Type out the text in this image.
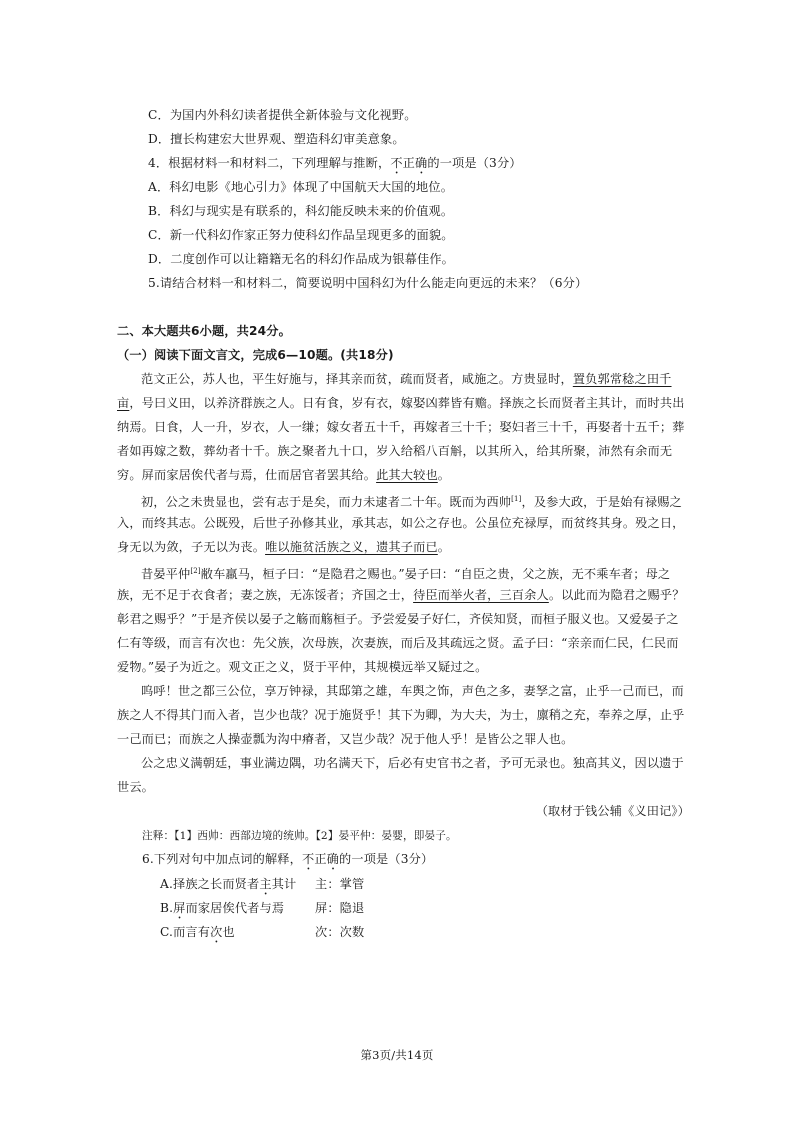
C．为国内外科幻读者提供全新体验与文化视野。
D．擅长构建宏大世界观、塑造科幻审美意象。
4．根据材料一和材料二，下列理解与推断，不正确的一项是（3分）
A．科幻电影《地心引力》体现了中国航天大国的地位。
B．科幻与现实是有联系的，科幻能反映未来的价值观。
C．新一代科幻作家正努力使科幻作品呈现更多的面貌。
D．二度创作可以让籍籍无名的科幻作品成为银幕佳作。
5.请结合材料一和材料二，简要说明中国科幻为什么能走向更远的未来？（6分）
二、本大题共6小题，共24分。
（一）阅读下面文言文，完成6—10题。(共18分)
范文正公，苏人也，平生好施与，择其亲而贫，疏而贤者，咸施之。方贵显时，置负郭常稔之田千
亩，号曰义田，以养济群族之人。日有食，岁有衣，嫁娶凶葬皆有赡。择族之长而贤者主其计，而时共出
纳焉。日食，人一升，岁衣，人一缣；嫁女者五十千，再嫁者三十千；娶妇者三十千，再娶者十五千；葬
者如再嫁之数，葬幼者十千。族之聚者九十口，岁入给稻八百斛，以其所入，给其所聚，沛然有余而无
穷。屏而家居俟代者与焉，仕而居官者罢其给。此其大较也。
初，公之未贵显也，尝有志于是矣，而力未逮者二十年。既而为西帅[1]，及参大政，于是始有禄赐之
入，而终其志。公既殁，后世子孙修其业，承其志，如公之存也。公虽位充禄厚，而贫终其身。殁之日，
身无以为敛，子无以为丧。唯以施贫活族之义，遗其子而已。
昔晏平仲[2]敝车羸马，桓子曰：“是隐君之赐也。”晏子曰：“自臣之贵，父之族，无不乘车者；母之
族，无不足于衣食者；妻之族，无冻馁者；齐国之士，待臣而举火者，三百余人。以此而为隐君之赐乎？
彰君之赐乎？”于是齐侯以晏子之觞而觞桓子。予尝爱晏子好仁，齐侯知贤，而桓子服义也。又爱晏子之
仁有等级，而言有次也：先父族，次母族，次妻族，而后及其疏远之贤。孟子曰：“亲亲而仁民，仁民而
爱物。”晏子为近之。观文正之义，贤于平仲，其规模远举又疑过之。
呜呼！世之都三公位，享万钟禄，其邸第之雄，车舆之饰，声色之多，妻孥之富，止乎一己而已，而
族之人不得其门而入者，岂少也哉？况于施贤乎！其下为卿，为大夫，为士，廪稍之充，奉养之厚，止乎
一己而已；而族之人操壶瓢为沟中瘠者，又岂少哉？况于他人乎！是皆公之罪人也。
公之忠义满朝廷，事业满边隅，功名满天下，后必有史官书之者，予可无录也。独高其义，因以遗于
世云。
（取材于钱公辅《义田记》）
注释：【1】西帅：西部边境的统帅。【2】晏平仲：晏婴，即晏子。
6.下列对句中加点词的解释，不正确的一项是（3分）
A.择族之长而贤者主其计 主：掌管
B.屏而家居俟代者与焉	屏：隐退
C.而言有次也	次：次数
第3页/共14页
